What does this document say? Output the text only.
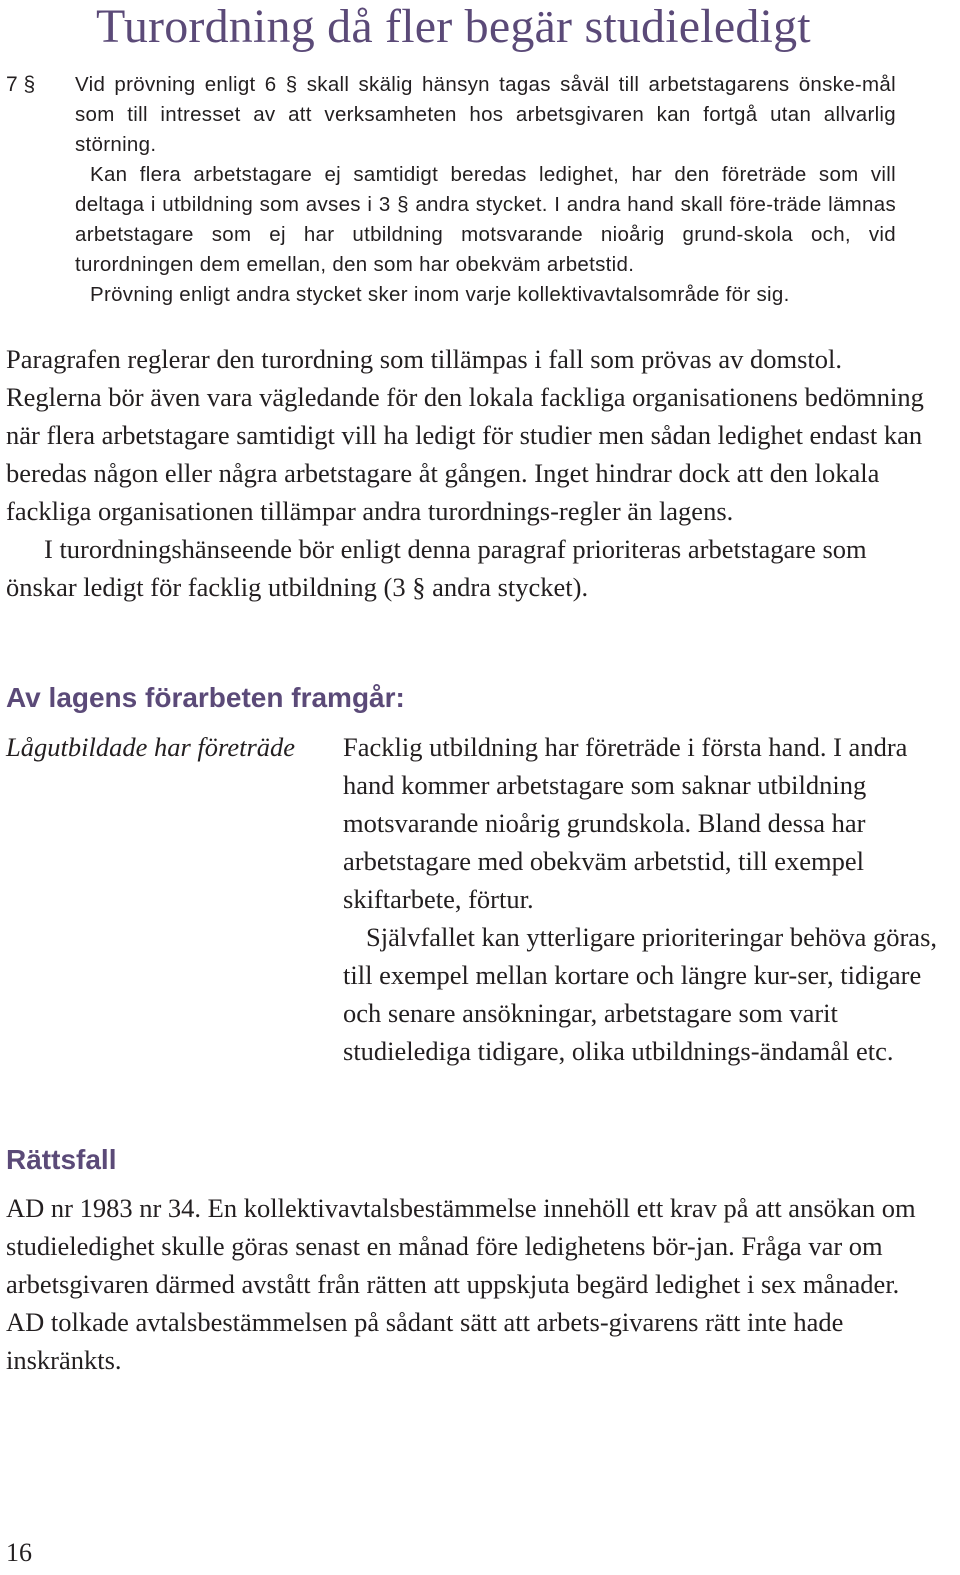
Turordning då fler begär studieledigt
7 § Vid prövning enligt 6 § skall skälig hänsyn tagas såväl till arbetstagarens önske-mål som till intresset av att verksamheten hos arbetsgivaren kan fortgå utan allvarlig störning.

Kan flera arbetstagare ej samtidigt beredas ledighet, har den företräde som vill deltaga i utbildning som avses i 3 § andra stycket. I andra hand skall före-träde lämnas arbetstagare som ej har utbildning motsvarande nioårig grund-skola och, vid turordningen dem emellan, den som har obekväm arbetstid.

Prövning enligt andra stycket sker inom varje kollektivavtalsområde för sig.

Paragrafen reglerar den turordning som tillämpas i fall som prövas av domstol. Reglerna bör även vara vägledande för den lokala fackliga organisationens bedömning när flera arbetstagare samtidigt vill ha ledigt för studier men sådan ledighet endast kan beredas någon eller några arbetstagare åt gången. Inget hindrar dock att den lokala fackliga organisationen tillämpar andra turordnings-regler än lagens.

I turordningshänseende bör enligt denna paragraf prioriteras arbetstagare som önskar ledigt för facklig utbildning (3 § andra stycket).

Av lagens förarbeten framgår:
Lågutbildade har företräde	Facklig utbildning har företräde i första hand. I andra hand kommer arbetstagare som saknar utbildning motsvarande nioårig grundskola. Bland dessa har arbetstagare med obekväm arbetstid, till exempel skiftarbete, förtur.

Självfallet kan ytterligare prioriteringar behöva göras, till exempel mellan kortare och längre kur-ser, tidigare och senare ansökningar, arbetstagare som varit studielediga tidigare, olika utbildnings-ändamål etc.

Rättsfall

AD nr 1983 nr 34. En kollektivavtalsbestämmelse innehöll ett krav på att ansökan om studieledighet skulle göras senast en månad före ledighetens bör-jan. Fråga var om arbetsgivaren därmed avstått från rätten att uppskjuta begärd ledighet i sex månader. AD tolkade avtalsbestämmelsen på sådant sätt att arbets-givarens rätt inte hade inskränkts.

16
